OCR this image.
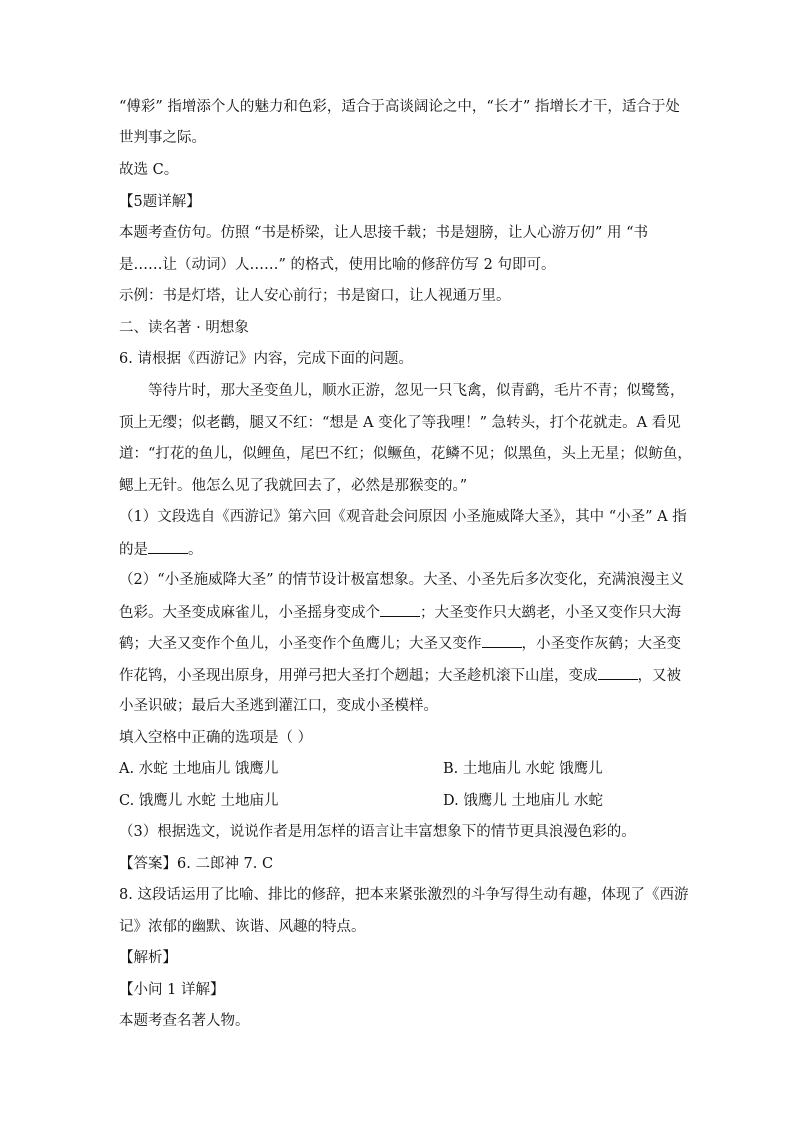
“傅彩” 指增添个人的魅力和色彩，适合于高谈阔论之中，“长才” 指增长才干，适合于处
世判事之际。
故选 C。
【5题详解】
本题考查仿句。仿照 “书是桥梁，让人思接千载；书是翅膀，让人心游万仞” 用 “书
是……让（动词）人……” 的格式，使用比喻的修辞仿写 2 句即可。
示例：书是灯塔，让人安心前行；书是窗口，让人视通万里。
二、读名著 · 明想象
6. 请根据《西游记》内容，完成下面的问题。
等待片时，那大圣变鱼儿，顺水正游，忽见一只飞禽，似青鹞，毛片不青；似鹭鸶，
顶上无缨；似老鹳，腿又不红：“想是 A 变化了等我哩！” 急转头，打个花就走。A 看见
道：“打花的鱼儿，似鲤鱼，尾巴不红；似鳜鱼，花鳞不见；似黑鱼，头上无星；似鲂鱼，
鳃上无针。他怎么见了我就回去了，必然是那猴变的。”
（1）文段选自《西游记》第六回《观音赴会问原因 小圣施威降大圣》，其中 “小圣” A 指
的是	。
（2）“小圣施威降大圣” 的情节设计极富想象。大圣、小圣先后多次变化，充满浪漫主义
色彩。大圣变成麻雀儿，小圣摇身变成个	；大圣变作只大鹚老，小圣又变作只大海
鹤；大圣又变作个鱼儿，小圣变作个鱼鹰儿；大圣又变作	，小圣变作灰鹤；大圣变
作花鸨，小圣现出原身，用弹弓把大圣打个趔趄；大圣趁机滚下山崖，变成	，又被
小圣识破；最后大圣逃到灌江口，变成小圣模样。
填入空格中正确的选项是（ ）
A. 水蛇 土地庙儿 饿鹰儿	B. 土地庙儿 水蛇 饿鹰儿
C. 饿鹰儿 水蛇 土地庙儿	D. 饿鹰儿 土地庙儿 水蛇
（3）根据选文，说说作者是用怎样的语言让丰富想象下的情节更具浪漫色彩的。
【答案】6. 二郎神 7. C
8. 这段话运用了比喻、排比的修辞，把本来紧张激烈的斗争写得生动有趣，体现了《西游
记》浓郁的幽默、诙谐、风趣的特点。
【解析】
【小问 1 详解】
本题考查名著人物。
